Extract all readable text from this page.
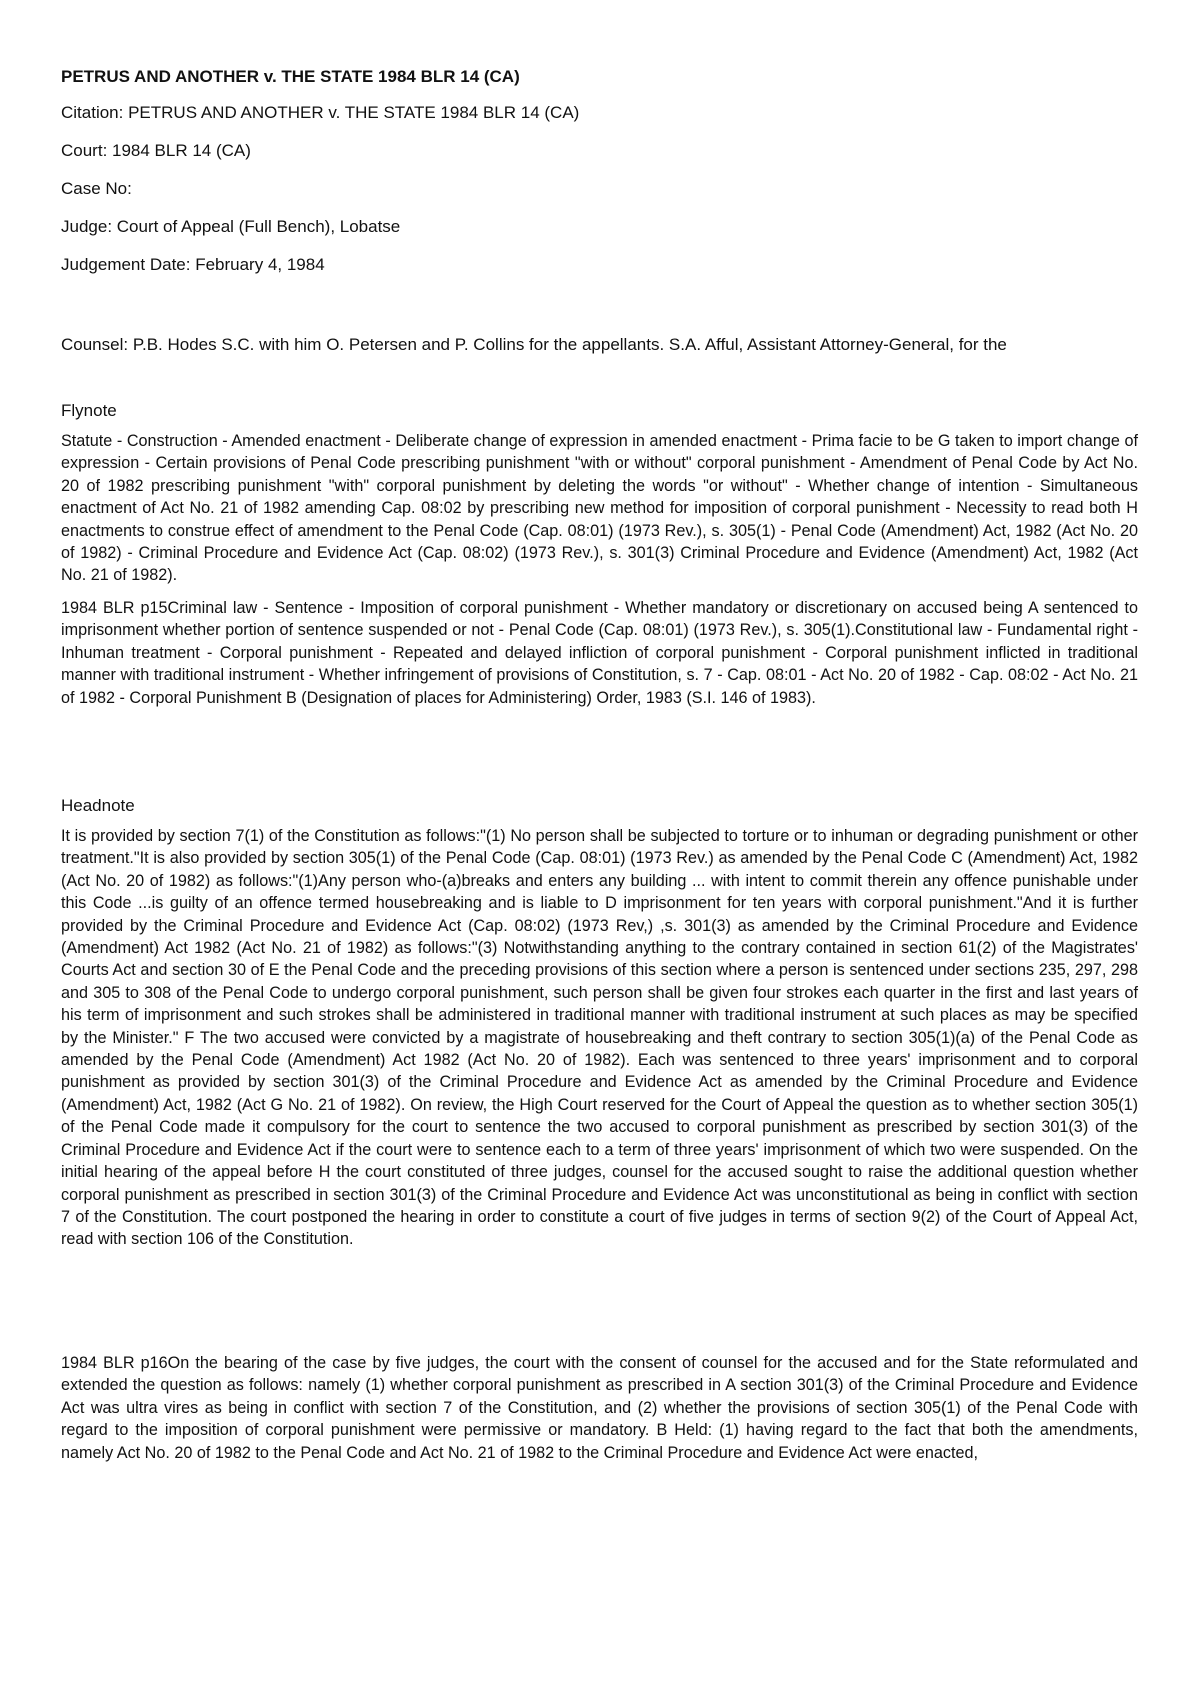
PETRUS AND ANOTHER v. THE STATE 1984 BLR 14 (CA)
Citation: PETRUS AND ANOTHER v. THE STATE 1984 BLR 14 (CA)
Court: 1984 BLR 14 (CA)
Case No:
Judge: Court of Appeal (Full Bench), Lobatse
Judgement Date: February 4, 1984
Counsel: P.B. Hodes S.C. with him O. Petersen and P. Collins for the appellants. S.A. Afful, Assistant Attorney-General, for the
Flynote

Statute - Construction - Amended enactment - Deliberate change of expression in amended enactment - Prima facie to be G taken to import change of expression - Certain provisions of Penal Code prescribing punishment "with or without" corporal punishment - Amendment of Penal Code by Act No. 20 of 1982 prescribing punishment "with" corporal punishment by deleting the words "or without" - Whether change of intention - Simultaneous enactment of Act No. 21 of 1982 amending Cap. 08:02 by prescribing new method for imposition of corporal punishment - Necessity to read both H enactments to construe effect of amendment to the Penal Code (Cap. 08:01) (1973 Rev.), s. 305(1) - Penal Code (Amendment) Act, 1982 (Act No. 20 of 1982) - Criminal Procedure and Evidence Act (Cap. 08:02) (1973 Rev.), s. 301(3) Criminal Procedure and Evidence (Amendment) Act, 1982 (Act No. 21 of 1982).

1984 BLR p15Criminal law - Sentence - Imposition of corporal punishment - Whether mandatory or discretionary on accused being A sentenced to imprisonment whether portion of sentence suspended or not - Penal Code (Cap. 08:01) (1973 Rev.), s. 305(1).Constitutional law - Fundamental right - Inhuman treatment - Corporal punishment - Repeated and delayed infliction of corporal punishment - Corporal punishment inflicted in traditional manner with traditional instrument - Whether infringement of provisions of Constitution, s. 7 - Cap. 08:01 - Act No. 20 of 1982 - Cap. 08:02 - Act No. 21 of 1982 - Corporal Punishment B (Designation of places for Administering) Order, 1983 (S.I. 146 of 1983).

Headnote

It is provided by section 7(1) of the Constitution as follows:"(1) No person shall be subjected to torture or to inhuman or degrading punishment or other treatment."It is also provided by section 305(1) of the Penal Code (Cap. 08:01) (1973 Rev.) as amended by the Penal Code C (Amendment) Act, 1982 (Act No. 20 of 1982) as follows:"(1)Any person who-(a)breaks and enters any building ... with intent to commit therein any offence punishable under this Code ...is guilty of an offence termed housebreaking and is liable to D imprisonment for ten years with corporal punishment."And it is further provided by the Criminal Procedure and Evidence Act (Cap. 08:02) (1973 Rev,) ,s. 301(3) as amended by the Criminal Procedure and Evidence (Amendment) Act 1982 (Act No. 21 of 1982) as follows:"(3) Notwithstanding anything to the contrary contained in section 61(2) of the Magistrates' Courts Act and section 30 of E the Penal Code and the preceding provisions of this section where a person is sentenced under sections 235, 297, 298 and 305 to 308 of the Penal Code to undergo corporal punishment, such person shall be given four strokes each quarter in the first and last years of his term of imprisonment and such strokes shall be administered in traditional manner with traditional instrument at such places as may be specified by the Minister." F The two accused were convicted by a magistrate of housebreaking and theft contrary to section 305(1)(a) of the Penal Code as amended by the Penal Code (Amendment) Act 1982 (Act No. 20 of 1982). Each was sentenced to three years' imprisonment and to corporal punishment as provided by section 301(3) of the Criminal Procedure and Evidence Act as amended by the Criminal Procedure and Evidence (Amendment) Act, 1982 (Act G No. 21 of 1982). On review, the High Court reserved for the Court of Appeal the question as to whether section 305(1) of the Penal Code made it compulsory for the court to sentence the two accused to corporal punishment as prescribed by section 301(3) of the Criminal Procedure and Evidence Act if the court were to sentence each to a term of three years' imprisonment of which two were suspended. On the initial hearing of the appeal before H the court constituted of three judges, counsel for the accused sought to raise the additional question whether corporal punishment as prescribed in section 301(3) of the Criminal Procedure and Evidence Act was unconstitutional as being in conflict with section 7 of the Constitution. The court postponed the hearing in order to constitute a court of five judges in terms of section 9(2) of the Court of Appeal Act, read with section 106 of the Constitution.

1984 BLR p16On the bearing of the case by five judges, the court with the consent of counsel for the accused and for the State reformulated and extended the question as follows: namely (1) whether corporal punishment as prescribed in A section 301(3) of the Criminal Procedure and Evidence Act was ultra vires as being in conflict with section 7 of the Constitution, and (2) whether the provisions of section 305(1) of the Penal Code with regard to the imposition of corporal punishment were permissive or mandatory. B Held: (1) having regard to the fact that both the amendments, namely Act No. 20 of 1982 to the Penal Code and Act No. 21 of 1982 to the Criminal Procedure and Evidence Act were enacted,
